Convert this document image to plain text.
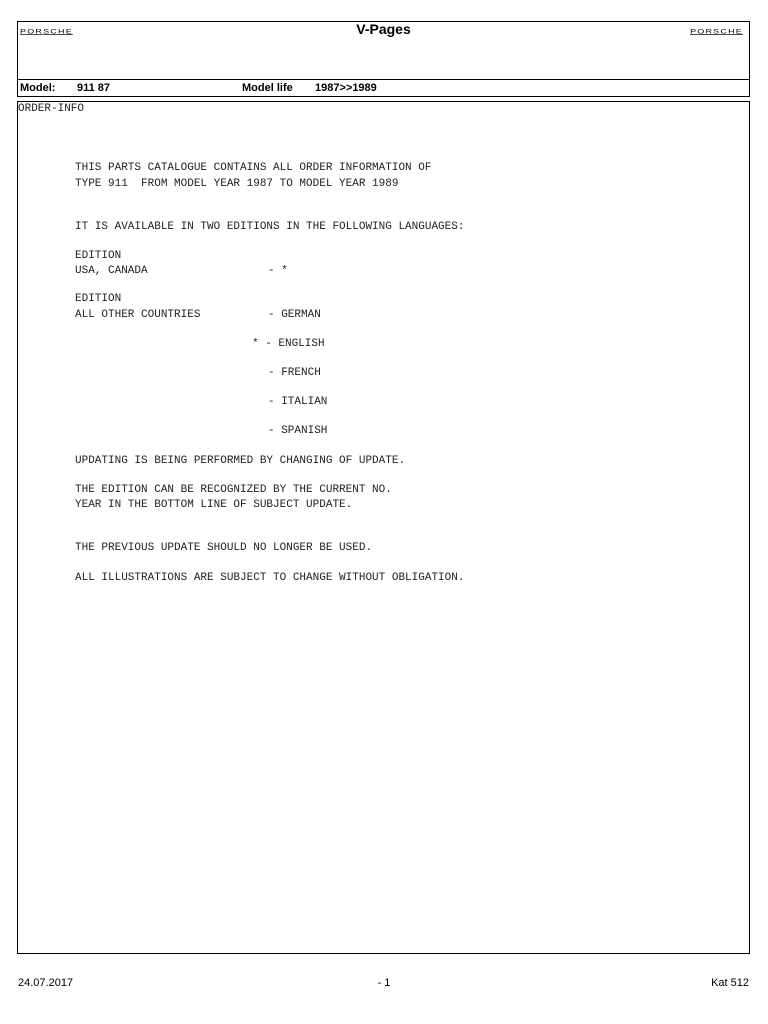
PORSCHE	V-Pages	PORSCHE
Model: 911 87	Model life 1987>>1989
ORDER-INFO
THIS PARTS CATALOGUE CONTAINS ALL ORDER INFORMATION OF
TYPE 911  FROM MODEL YEAR 1987 TO MODEL YEAR 1989
IT IS AVAILABLE IN TWO EDITIONS IN THE FOLLOWING LANGUAGES:
EDITION
USA, CANADA	- *
EDITION
ALL OTHER COUNTRIES	- GERMAN
* - ENGLISH
- FRENCH
- ITALIAN
- SPANISH
UPDATING IS BEING PERFORMED BY CHANGING OF UPDATE.
THE EDITION CAN BE RECOGNIZED BY THE CURRENT NO.
YEAR IN THE BOTTOM LINE OF SUBJECT UPDATE.
THE PREVIOUS UPDATE SHOULD NO LONGER BE USED.
ALL ILLUSTRATIONS ARE SUBJECT TO CHANGE WITHOUT OBLIGATION.
24.07.2017	- 1	Kat 512
